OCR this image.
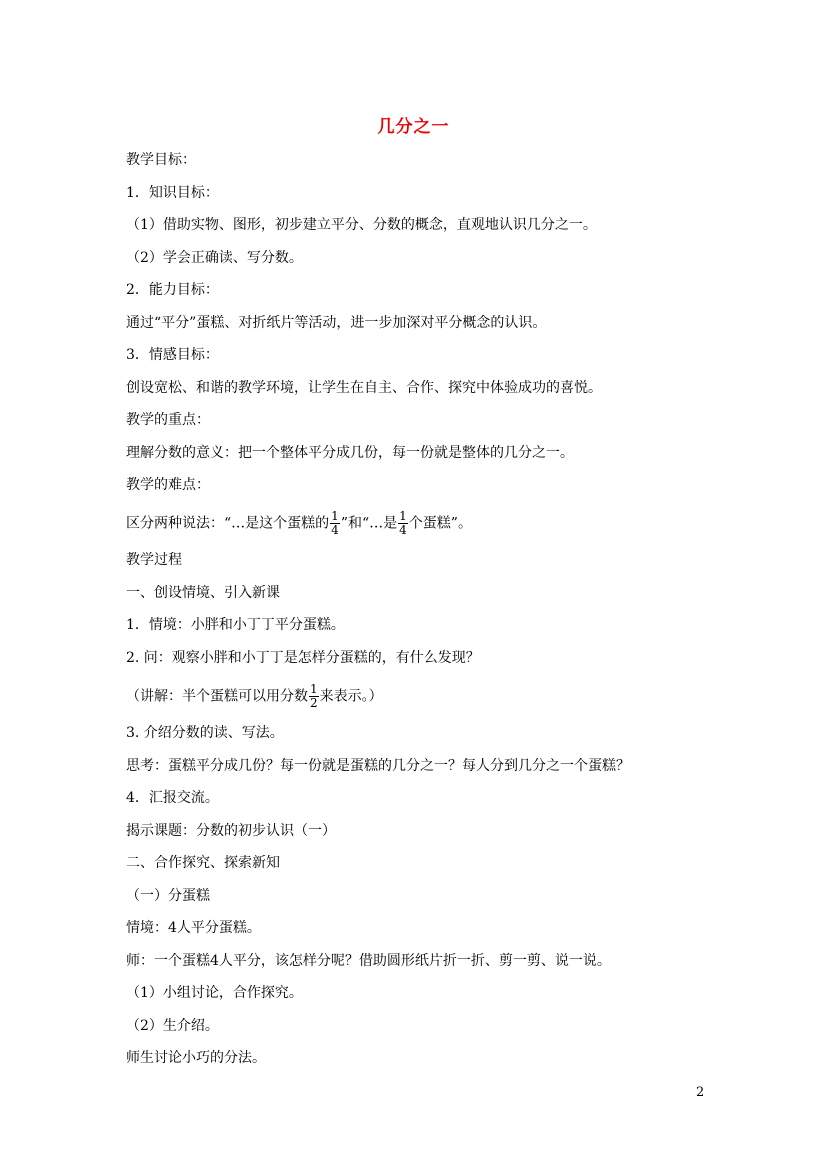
几分之一
教学目标：
1．知识目标：
（1）借助实物、图形，初步建立平分、分数的概念，直观地认识几分之一。
（2）学会正确读、写分数。
2．能力目标：
通过“平分”蛋糕、对折纸片等活动，进一步加深对平分概念的认识。
3．情感目标：
创设宽松、和谐的教学环境，让学生在自主、合作、探究中体验成功的喜悦。
教学的重点：
理解分数的意义：把一个整体平分成几份，每一份就是整体的几分之一。
教学的难点：
区分两种说法：“…是这个蛋糕的 $\frac{1}{4}$ ”和“…是 $\frac{1}{4}$ 个蛋糕”。
教学过程
一、创设情境、引入新课
1．情境：小胖和小丁丁平分蛋糕。
2. 问：观察小胖和小丁丁是怎样分蛋糕的，有什么发现？
（讲解：半个蛋糕可以用分数 $\frac{1}{2}$ 来表示。）
3. 介绍分数的读、写法。
思考：蛋糕平分成几份？每一份就是蛋糕的几分之一？每人分到几分之一个蛋糕？
4．汇报交流。
揭示课题：分数的初步认识（一）
二、合作探究、探索新知
（一）分蛋糕
情境：4人平分蛋糕。
师：一个蛋糕4人平分，该怎样分呢？借助圆形纸片折一折、剪一剪、说一说。
（1）小组讨论，合作探究。
（2）生介绍。
师生讨论小巧的分法。
2
